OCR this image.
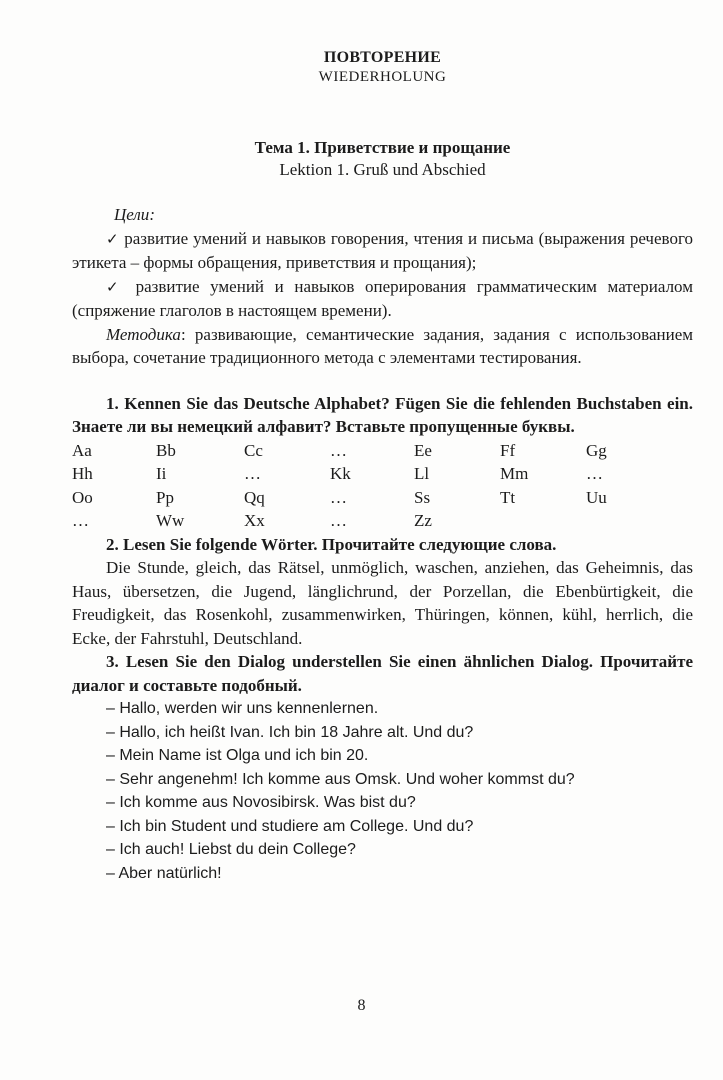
ПОВТОРЕНИЕ
WIEDERHOLUNG
Тема 1. Приветствие и прощание
Lektion 1. Gruß und Abschied
Цели:

✓ развитие умений и навыков говорения, чтения и письма (выражения речевого этикета – формы обращения, приветствия и прощания);

✓ развитие умений и навыков оперирования грамматическим материалом (спряжение глаголов в настоящем времени).

Методика: развивающие, семантические задания, задания с использованием выбора, сочетание традиционного метода с элементами тестирования.

1. Kennen Sie das Deutsche Alphabet? Fügen Sie die fehlenden Buchstaben ein. Знаете ли вы немецкий алфавит? Вставьте пропущенные буквы.

Aa	Bb	Cc	…	Ee	Ff	Gg
Hh	Ii	…	Kk	Ll	Mm	…
Oo	Pp	Qq	…	Ss	Tt	Uu
…	Ww	Xx	…	Zz		

2. Lesen Sie folgende Wörter. Прочитайте следующие слова.

Die Stunde, gleich, das Rätsel, unmöglich, waschen, anziehen, das Geheimnis, das Haus, übersetzen, die Jugend, länglichrund, der Porzellan, die Ebenbürtigkeit, die Freudigkeit, das Rosenkohl, zusammenwirken, Thüringen, können, kühl, herrlich, die Ecke, der Fahrstuhl, Deutschland.

3. Lesen Sie den Dialog understellen Sie einen ähnlichen Dialog. Прочитайте диалог и составьте подобный.

– Hallo, werden wir uns kennenlernen.
– Hallo, ich heißt Ivan. Ich bin 18 Jahre alt. Und du?
– Mein Name ist Olga und ich bin 20.
– Sehr angenehm! Ich komme aus Omsk. Und woher kommst du?
– Ich komme aus Novosibirsk. Was bist du?
– Ich bin Student und studiere am College. Und du?
– Ich auch! Liebst du dein College?
– Aber natürlich!
8
